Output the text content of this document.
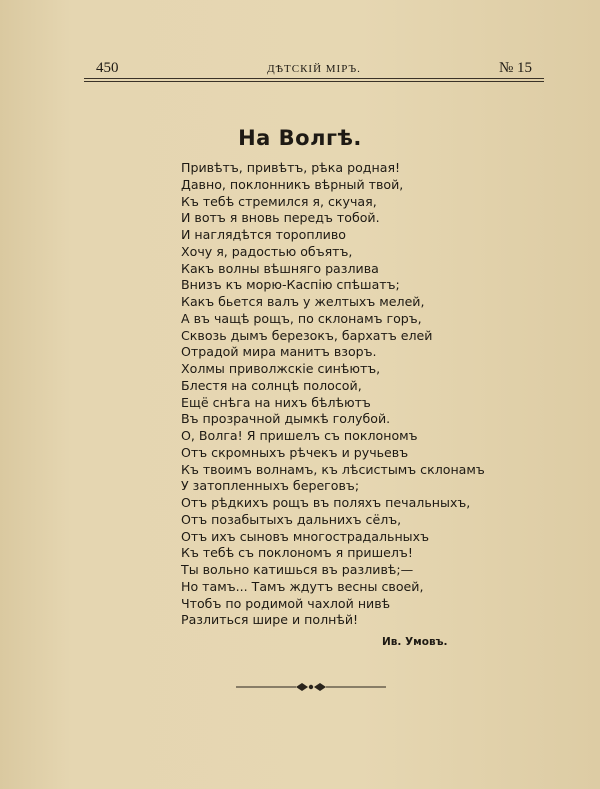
450	ДѢТСКІЙ МІРЪ.	№ 15
На Волгѣ.
Привѣтъ, привѣтъ, рѣка родная!
Давно, поклонникъ вѣрный твой,
Къ тебѣ стремился я, скучая,
И вотъ я вновь передъ тобой.
И наглядѣтся торопливо
Хочу я, радостью объятъ,
Какъ волны вѣшняго разлива
Внизъ къ морю-Каспію спѣшатъ;
Какъ бьется валъ у желтыхъ мелей,
А въ чащѣ рощъ, по склонамъ горъ,
Сквозь дымъ березокъ, бархатъ елей
Отрадой мира манитъ взоръ.
Холмы приволжскіе синѣютъ,
Блестя на солнцѣ полосой,
Ещё снѣга на нихъ бѣлѣютъ
Въ прозрачной дымкѣ голубой.
О, Волга! Я пришелъ съ поклономъ
Отъ скромныхъ рѣчекъ и ручьевъ
Къ твоимъ волнамъ, къ лѣсистымъ склонамъ
У затопленныхъ береговъ;
Отъ рѣдкихъ рощъ въ поляхъ печальныхъ,
Отъ позабытыхъ дальнихъ сёлъ,
Отъ ихъ сыновъ многострадальныхъ
Къ тебѣ съ поклономъ я пришелъ!
Ты вольно катишься въ разливѣ;—
Но тамъ... Тамъ ждутъ весны своей,
Чтобъ по родимой чахлой нивѣ
Разлиться шире и полнѣй!
Ив. Умовъ.
